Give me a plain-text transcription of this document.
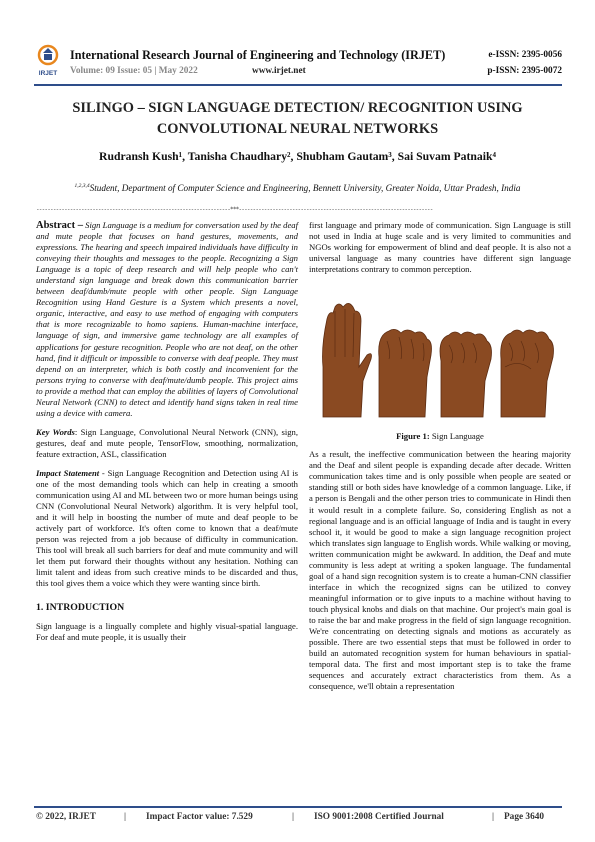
IRJET
International Research Journal of Engineering and Technology (IRJET)
Volume: 09 Issue: 05 | May 2022	www.irjet.net
e-ISSN: 2395-0056
p-ISSN: 2395-0072
SILINGO – SIGN LANGUAGE DETECTION/ RECOGNITION USING
CONVOLUTIONAL NEURAL NETWORKS
Rudransh Kush¹, Tanisha Chaudhary², Shubham Gautam³, Sai Suvam Patnaik⁴
$^{1,2,3,4}$Student, Department of Computer Science and Engineering, Bennett University, Greater Noida, Uttar Pradesh, India
---------------------------------------------------------------------***---------------------------------------------------------------------

Abstract – Sign Language is a medium for conversation used by the deaf and mute people that focuses on hand gestures, movements, and expressions. The hearing and speech impaired individuals have difficulty in conveying their thoughts and messages to the people. Recognizing a Sign Language is a topic of deep research and will help people who can't understand sign language and break down this communication barrier between deaf/dumb/mute people with other people. Sign Language Recognition using Hand Gesture is a System which presents a novel, organic, interactive, and easy to use method of engaging with computers that is more recognizable to homo sapiens. Human-machine interface, language of sign, and immersive game technology are all examples of applications for gesture recognition. People who are not deaf, on the other hand, find it difficult or impossible to converse with deaf people. They must depend on an interpreter, which is both costly and inconvenient for the persons trying to converse with deaf/mute/dumb people. This project aims to provide a method that can employ the abilities of layers of Convolutional Neural Network (CNN) to detect and identify hand signs taken in real time using a device with camera.

Key Words: Sign Language, Convolutional Neural Network (CNN), sign, gestures, deaf and mute people, TensorFlow, smoothing, normalization, feature extraction, ASL, classification

Impact Statement - Sign Language Recognition and Detection using AI is one of the most demanding tools which can help in creating a smooth communication using AI and ML between two or more human beings using CNN (Convolutional Neural Network) algorithm. It is very helpful tool, and it will help in boosting the number of mute and deaf people to be actively part of workforce. It's often come to known that a deaf/mute person was rejected from a job because of difficulty in communication. This tool will break all such barriers for deaf and mute community and will let them put forward their thoughts without any hesitation. Nothing can limit talent and ideas from such creative minds to be discarded and thus, this tool gives them a voice which they were wanting since birth.

1. INTRODUCTION

Sign language is a lingually complete and highly visual-spatial language. For deaf and mute people, it is usually their

first language and primary mode of communication. Sign Language is still not used in India at huge scale and is very limited to communities and NGOs working for empowerment of blind and deaf people. It is also not a universal language as many countries have different sign language interpretations contrary to common perception.

Figure 1: Sign Language

As a result, the ineffective communication between the hearing majority and the Deaf and silent people is expanding decade after decade. Written communication takes time and is only possible when people are seated or standing still or both sides have knowledge of a common language. Like, if a person is Bengali and the other person tries to communicate in Hindi then it would result in a complete failure. So, considering English as not a regional language and is an official language of India and is taught in every school it, it would be good to make a sign language recognition project which translates sign language to English words. While walking or moving, written communication might be awkward. In addition, the Deaf and mute community is less adept at writing a spoken language. The fundamental goal of a hand sign recognition system is to create a human-CNN classifier interface in which the recognized signs can be utilized to convey meaningful information or to give inputs to a machine without having to touch physical knobs and dials on that machine. Our project's main goal is to raise the bar and make progress in the field of sign language recognition. We're concentrating on detecting signals and motions as accurately as possible. There are two essential steps that must be followed in order to build an automated recognition system for human behaviours in spatial-temporal data. The first and most important step is to take the frame sequences and accurately extract characteristics from them. As a consequence, we'll obtain a representation

© 2022, IRJET	| Impact Factor value: 7.529	| ISO 9001:2008 Certified Journal	| Page 3640
